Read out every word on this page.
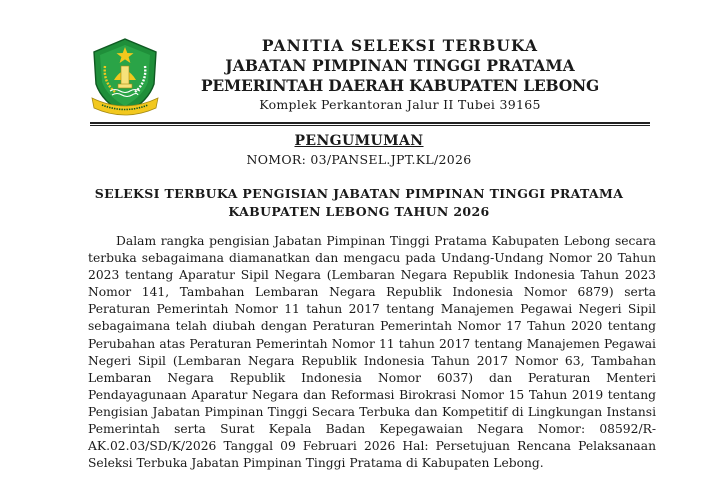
PANITIA SELEKSI TERBUKA
JABATAN PIMPINAN TINGGI PRATAMA
PEMERINTAH DAERAH KABUPATEN LEBONG
Komplek Perkantoran Jalur II Tubei 39165
PENGUMUMAN
NOMOR: 03/PANSEL.JPT.KL/2026
SELEKSI TERBUKA PENGISIAN JABATAN PIMPINAN TINGGI PRATAMA
KABUPATEN LEBONG TAHUN 2026
Dalam rangka pengisian Jabatan Pimpinan Tinggi Pratama Kabupaten Lebong secara terbuka sebagaimana diamanatkan dan mengacu pada Undang-Undang Nomor 20 Tahun 2023 tentang Aparatur Sipil Negara (Lembaran Negara Republik Indonesia Tahun 2023 Nomor 141, Tambahan Lembaran Negara Republik Indonesia Nomor 6879) serta Peraturan Pemerintah Nomor 11 tahun 2017 tentang Manajemen Pegawai Negeri Sipil sebagaimana telah diubah dengan Peraturan Pemerintah Nomor 17 Tahun 2020 tentang Perubahan atas Peraturan Pemerintah Nomor 11 tahun 2017 tentang Manajemen Pegawai Negeri Sipil (Lembaran Negara Republik Indonesia Tahun 2017 Nomor 63, Tambahan Lembaran Negara Republik Indonesia Nomor 6037) dan Peraturan Menteri Pendayagunaan Aparatur Negara dan Reformasi Birokrasi Nomor 15 Tahun 2019 tentang Pengisian Jabatan Pimpinan Tinggi Secara Terbuka dan Kompetitif di Lingkungan Instansi Pemerintah serta Surat Kepala Badan Kepegawaian Negara Nomor: 08592/R-AK.02.03/SD/K/2026 Tanggal 09 Februari 2026 Hal: Persetujuan Rencana Pelaksanaan Seleksi Terbuka Jabatan Pimpinan Tinggi Pratama di Kabupaten Lebong.
